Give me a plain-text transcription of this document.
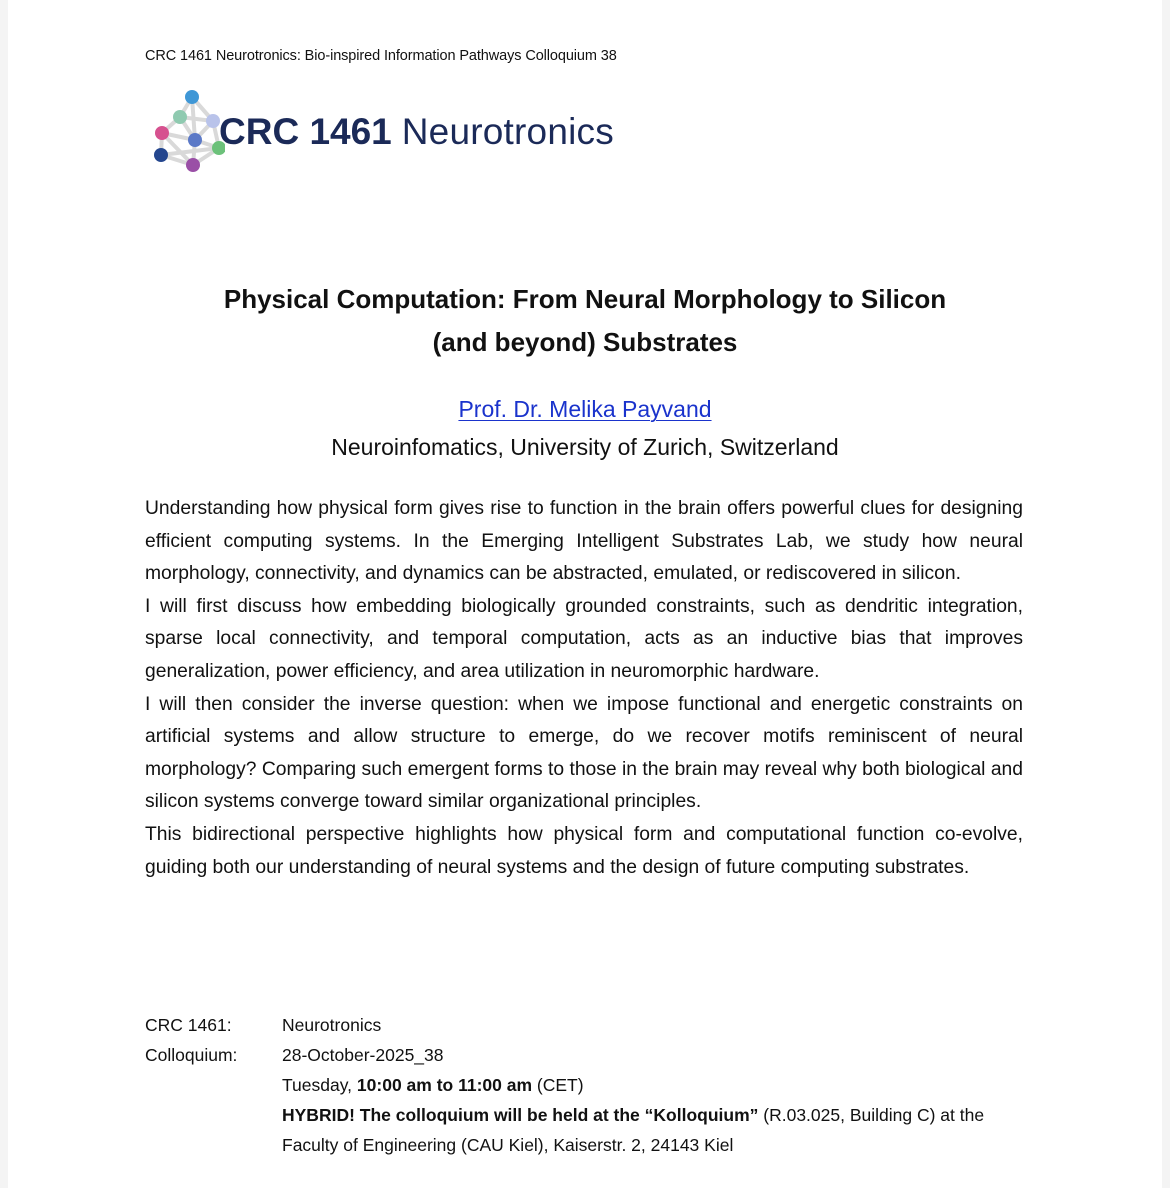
CRC 1461 Neurotronics: Bio-inspired Information Pathways Colloquium 38
CRC 1461 Neurotronics
Physical Computation: From Neural Morphology to Silicon
(and beyond) Substrates
Prof. Dr. Melika Payvand
Neuroinfomatics, University of Zurich, Switzerland

Understanding how physical form gives rise to function in the brain offers powerful clues for designing efficient computing systems. In the Emerging Intelligent Substrates Lab, we study how neural morphology, connectivity, and dynamics can be abstracted, emulated, or rediscovered in silicon.

I will first discuss how embedding biologically grounded constraints, such as dendritic integration, sparse local connectivity, and temporal computation, acts as an inductive bias that improves generalization, power efficiency, and area utilization in neuromorphic hardware.

I will then consider the inverse question: when we impose functional and energetic constraints on artificial systems and allow structure to emerge, do we recover motifs reminiscent of neural morphology? Comparing such emergent forms to those in the brain may reveal why both biological and silicon systems converge toward similar organizational principles.

This bidirectional perspective highlights how physical form and computational function co-evolve, guiding both our understanding of neural systems and the design of future computing substrates.

CRC 1461:	Neurotronics
Colloquium:	28-October-2025_38
Tuesday, 10:00 am to 11:00 am (CET)
HYBRID! The colloquium will be held at the “Kolloquium” (R.03.025, Building C) at the
Faculty of Engineering (CAU Kiel), Kaiserstr. 2, 24143 Kiel
